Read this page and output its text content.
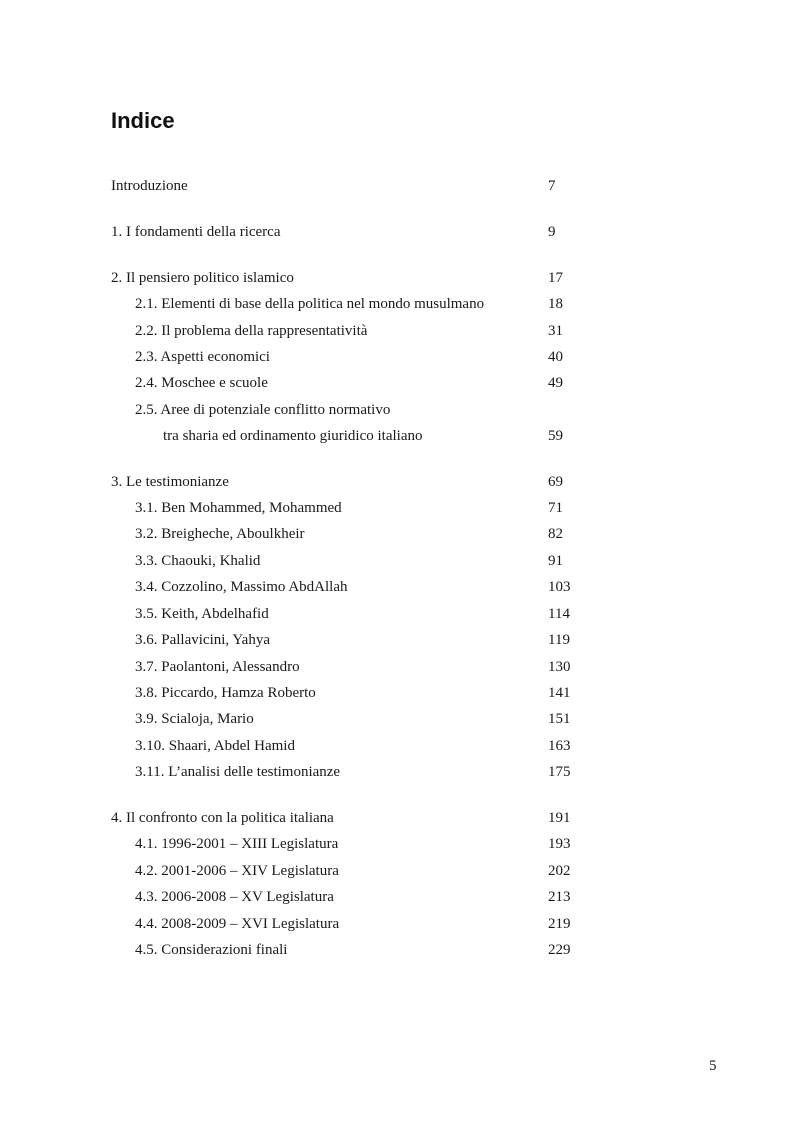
Indice
Introduzione	7
1. I fondamenti della ricerca	9
2. Il pensiero politico islamico	17
2.1. Elementi di base della politica nel mondo musulmano	18
2.2. Il problema della rappresentatività	31
2.3. Aspetti economici	40
2.4. Moschee e scuole	49
2.5. Aree di potenziale conflitto normativo
tra sharia ed ordinamento giuridico italiano	59
3. Le testimonianze	69
3.1. Ben Mohammed, Mohammed	71
3.2. Breigheche, Aboulkheir	82
3.3. Chaouki, Khalid	91
3.4. Cozzolino, Massimo AbdAllah	103
3.5. Keith, Abdelhafid	114
3.6. Pallavicini, Yahya	119
3.7. Paolantoni, Alessandro	130
3.8. Piccardo, Hamza Roberto	141
3.9. Scialoja, Mario	151
3.10. Shaari, Abdel Hamid	163
3.11. L’analisi delle testimonianze	175
4. Il confronto con la politica italiana	191
4.1. 1996-2001 – XIII Legislatura	193
4.2. 2001-2006 – XIV Legislatura	202
4.3. 2006-2008 – XV Legislatura	213
4.4. 2008-2009 – XVI Legislatura	219
4.5. Considerazioni finali	229
5
